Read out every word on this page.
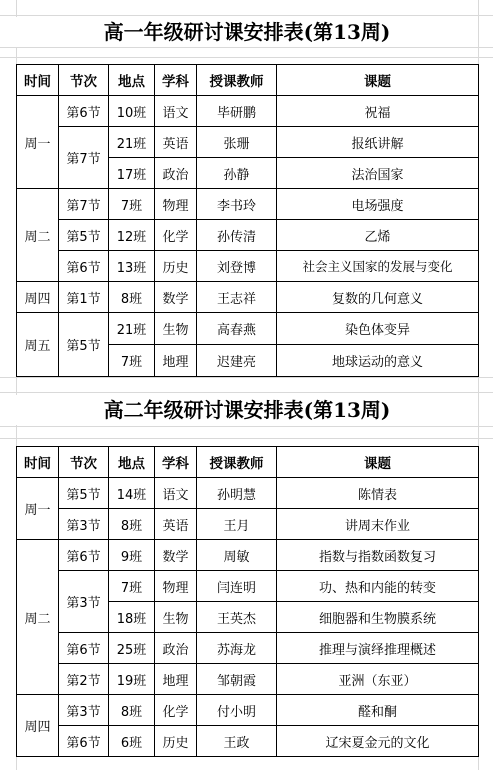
高一年级研讨课安排表(第13周)
时间	节次	地点	学科	授课教师	课题
周一	第6节	10班	语文	毕研鹏	祝福
	第7节	21班	英语	张珊	报纸讲解
		17班	政治	孙静	法治国家
周二	第7节	7班	物理	李书玲	电场强度
	第5节	12班	化学	孙传清	乙烯
	第6节	13班	历史	刘登博	社会主义国家的发展与变化
周四	第1节	8班	数学	王志祥	复数的几何意义
周五	第5节	21班	生物	高春燕	染色体变异
		7班	地理	迟建亮	地球运动的意义
高二年级研讨课安排表(第13周)
时间	节次	地点	学科	授课教师	课题
周一	第5节	14班	语文	孙明慧	陈情表
	第3节	8班	英语	王月	讲周末作业
周二	第6节	9班	数学	周敏	指数与指数函数复习
	第3节	7班	物理	闫连明	功、热和内能的转变
		18班	生物	王英杰	细胞器和生物膜系统
	第6节	25班	政治	苏海龙	推理与演绎推理概述
	第2节	19班	地理	邹朝霞	亚洲（东亚）
周四	第3节	8班	化学	付小明	醛和酮
	第6节	6班	历史	王政	辽宋夏金元的文化
